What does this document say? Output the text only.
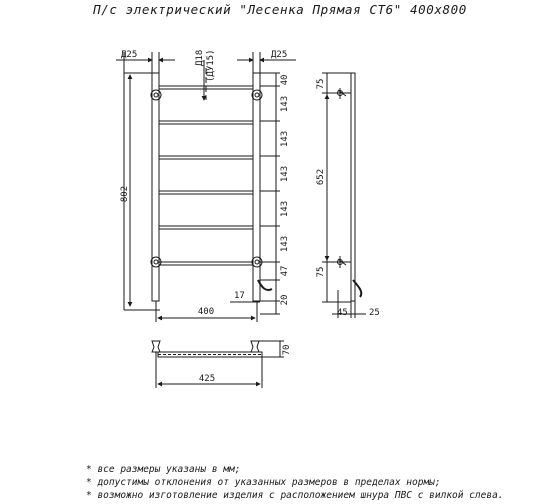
П/с электрический "Лесенка Прямая СТ6" 400х800
Д25	Д25
Д18 (ДУ15)
802
40
143
143
143
143
143
47
20
400
17
75
652
75
45 25
425
70
* все размеры указаны в мм;
* допустимы отклонения от указанных размеров в пределах нормы;
* возможно изготовление изделия с расположением шнура ПВС с вилкой слева.
